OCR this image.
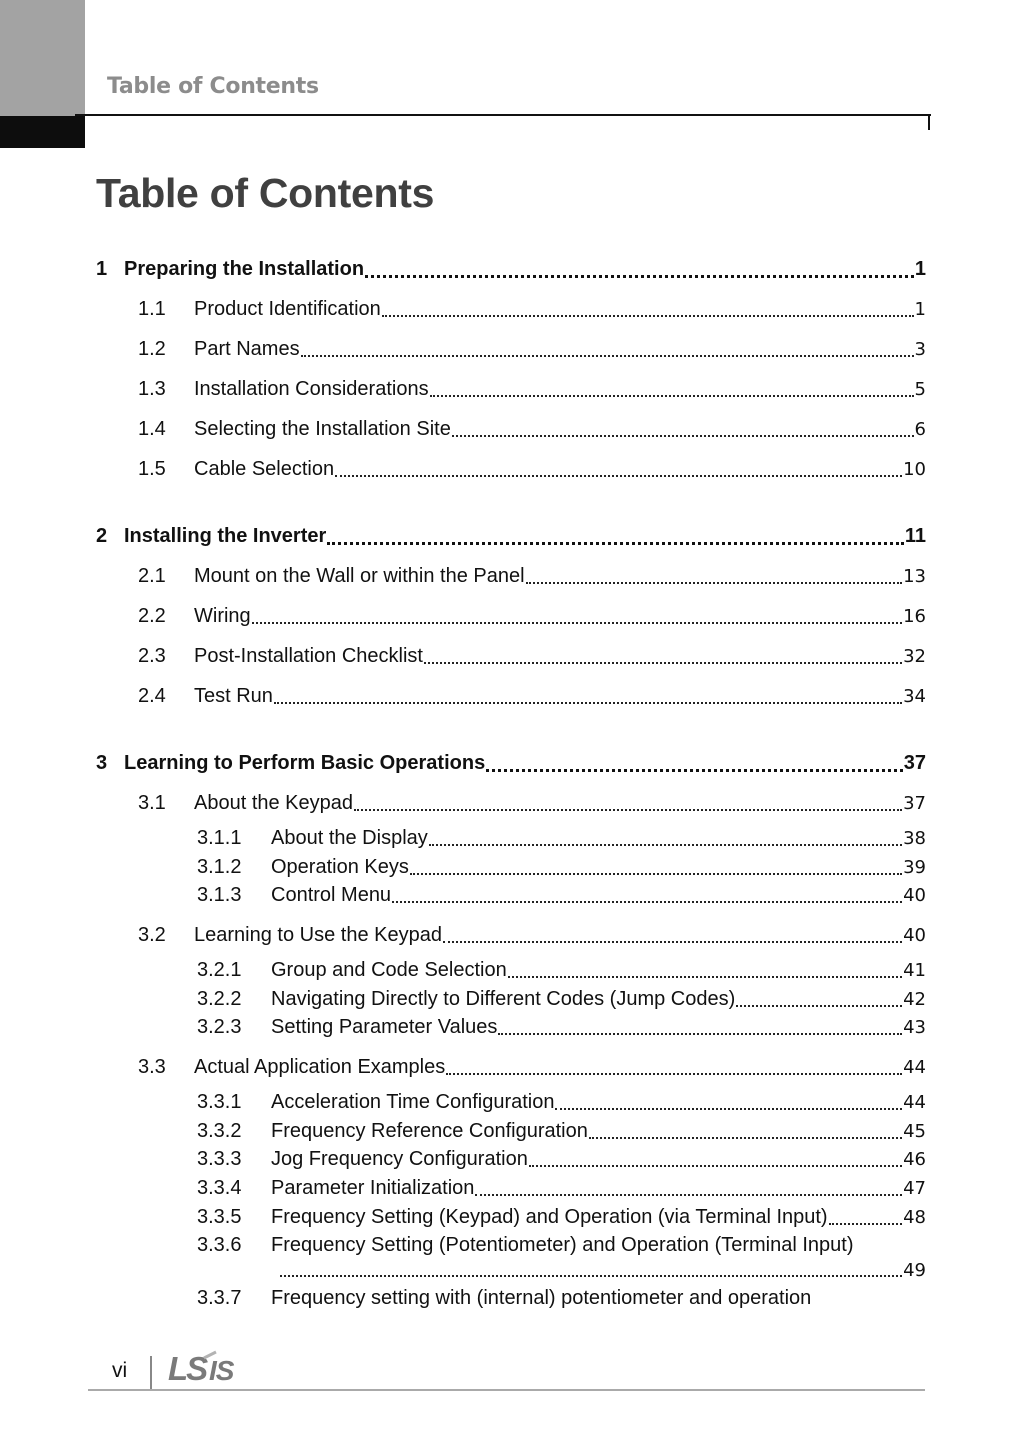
Table of Contents
Table of Contents
1 Preparing the Installation	1
1.1	Product Identification	1
1.2	Part Names	3
1.3	Installation Considerations	5
1.4	Selecting the Installation Site	6
1.5	Cable Selection	10
2 Installing the Inverter	11
2.1	Mount on the Wall or within the Panel	13
2.2	Wiring	16
2.3	Post-Installation Checklist	32
2.4	Test Run	34
3 Learning to Perform Basic Operations	37
3.1	About the Keypad	37
3.1.1	About the Display	38
3.1.2	Operation Keys	39
3.1.3	Control Menu	40
3.2	Learning to Use the Keypad	40
3.2.1	Group and Code Selection	41
3.2.2	Navigating Directly to Different Codes (Jump Codes)	42
3.2.3	Setting Parameter Values	43
3.3	Actual Application Examples	44
3.3.1	Acceleration Time Configuration	44
3.3.2	Frequency Reference Configuration	45
3.3.3	Jog Frequency Configuration	46
3.3.4	Parameter Initialization	47
3.3.5	Frequency Setting (Keypad) and Operation (via Terminal Input)	48
3.3.6	Frequency Setting (Potentiometer) and Operation (Terminal Input)
49
3.3.7	Frequency setting with (internal) potentiometer and operation
vi LS IS
